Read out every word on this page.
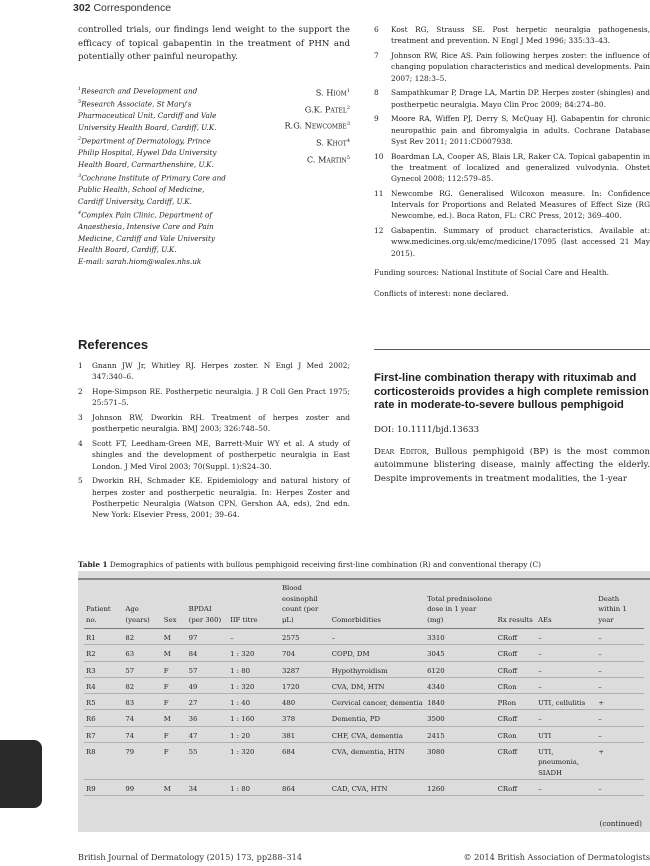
302 Correspondence

controlled trials, our findings lend weight to the support the efficacy of topical gabapentin in the treatment of PHN and potentially other painful neuropathy.

$^1$Research and Development and $^5$Research Associate, St Mary's Pharmaceutical Unit, Cardiff and Vale University Health Board, Cardiff, U.K.
$^2$Department of Dermatology, Prince Philip Hospital, Hywel Dda University Health Board, Carmarthenshire, U.K.
$^3$Cochrane Institute of Primary Care and Public Health, School of Medicine, Cardiff University, Cardiff, U.K.
$^4$Complex Pain Clinic, Department of Anaesthesia, Intensive Care and Pain Medicine, Cardiff and Vale University Health Board, Cardiff, U.K.
E-mail: sarah.hiom@wales.nhs.uk
S. Hiom$^1$
G.K. Patel$^2$
R.G. Newcombe$^3$
S. Khot$^4$
C. Martin$^5$
References
1 Gnann JW Jr, Whitley RJ. Herpes zoster. N Engl J Med 2002; 347:340–6.
2 Hope-Simpson RE. Postherpetic neuralgia. J R Coll Gen Pract 1975; 25:571–5.
3 Johnson RW, Dworkin RH. Treatment of herpes zoster and postherpetic neuralgia. BMJ 2003; 326:748–50.
4 Scott FT, Leedham-Green ME, Barrett-Muir WY et al. A study of shingles and the development of postherpetic neuralgia in East London. J Med Virol 2003; 70(Suppl. 1):S24–30.
5 Dworkin RH, Schmader KE. Epidemiology and natural history of herpes zoster and postherpetic neuralgia. In: Herpes Zoster and Postherpetic Neuralgia (Watson CPN, Gershon AA, eds), 2nd edn. New York: Elsevier Press, 2001; 39–64.
6 Kost RG, Strauss SE. Post herpetic neuralgia pathogenesis, treatment and prevention. N Engl J Med 1996; 335:33–43.
7 Johnson RW, Rice AS. Pain following herpes zoster: the influence of changing population characteristics and medical developments. Pain 2007; 128:3–5.
8 Sampathkumar P, Drage LA, Martin DP. Herpes zoster (shingles) and postherpetic neuralgia. Mayo Clin Proc 2009; 84:274–80.
9 Moore RA, Wiffen PJ, Derry S, McQuay HJ. Gabapentin for chronic neuropathic pain and fibromyalgia in adults. Cochrane Database Syst Rev 2011; 2011:CD007938.
10 Boardman LA, Cooper AS, Blais LR, Raker CA. Topical gabapentin in the treatment of localized and generalized vulvodynia. Obstet Gynecol 2008; 112:579–85.
11 Newcombe RG. Generalised Wilcoxon measure. In: Confidence Intervals for Proportions and Related Measures of Effect Size (RG Newcombe, ed.). Boca Raton, FL: CRC Press, 2012; 369–400.
12 Gabapentin. Summary of product characteristics. Available at: www.medicines.org.uk/emc/medicine/17095 (last accessed 21 May 2015).

Funding sources: National Institute of Social Care and Health.

Conflicts of interest: none declared.

First-line combination therapy with rituximab and corticosteroids provides a high complete remission rate in moderate-to-severe bullous pemphigoid
DOI: 10.1111/bjd.13633

Dear Editor, Bullous pemphigoid (BP) is the most common autoimmune blistering disease, mainly affecting the elderly. Despite improvements in treatment modalities, the 1-year

Table 1 Demographics of patients with bullous pemphigoid receiving first-line combination (R) and conventional therapy (C)
Patient no.	Age (years)	Sex	BPDAI (per 360)	IIF titre	Blood eosinophil count (per μL)	Comorbidities	Total prednisolone dose in 1 year (mg)	Rx results	AEs	Death within 1 year
R1	82	M	97	–	2575	–	3310	CRoff	–	–
R2	63	M	84	1 : 320	704	COPD, DM	3045	CRoff	–	–
R3	57	F	57	1 : 80	3287	Hypothyroidism	6120	CRoff	–	–
R4	82	F	49	1 : 320	1720	CVA, DM, HTN	4340	CRon	–	–
R5	83	F	27	1 : 40	480	Cervical cancer, dementia	1840	PRon	UTI, cellulitis	+
R6	74	M	36	1 : 160	378	Dementia, PD	3500	CRoff	–	–
R7	74	F	47	1 : 20	381	CHF, CVA, dementia	2415	CRon	UTI	–
R8	79	F	55	1 : 320	684	CVA, dementia, HTN	3080	CRoff	UTI, pneumonia, SIADH	+
R9	99	M	34	1 : 80	864	CAD, CVA, HTN	1260	CRoff	–	–
(continued)
British Journal of Dermatology (2015) 173, pp288–314	© 2014 British Association of Dermatologists
